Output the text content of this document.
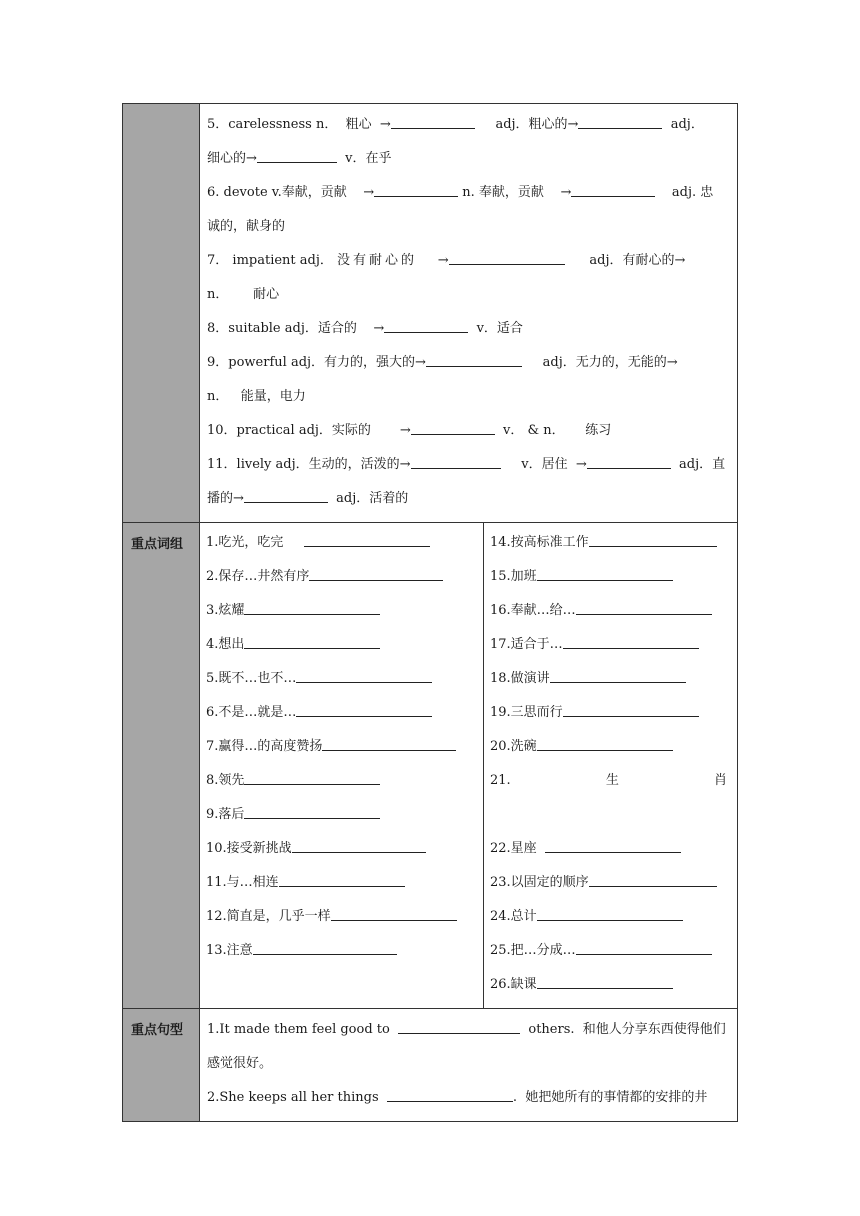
5．carelessness n． 粗心  →	adj．粗心的→	adj．
细心的→	v．在乎
6. devote v.奉献，贡献    →	n. 奉献，贡献    →	adj. 忠
诚的，献身的
7． impatient adj． 没有耐心的     →	adj．有耐心的→
n． 耐心
8．suitable adj．适合的    →	v．适合
9．powerful adj．有力的，强大的→	adj．无力的，无能的→
n． 能量，电力
10．practical adj．实际的       →	v． & n． 练习
11．lively adj．生动的，活泼的→	v．居住  →	adj．直
播的→	adj．活着的
重点词组	1.吃光，吃完
2.保存…井然有序
3.炫耀
4.想出
5.既不…也不…
6.不是…就是…
7.赢得…的高度赞扬
8.领先
9.落后
10.接受新挑战
11.与…相连
12.简直是，几乎一样
13.注意
14.按高标准工作
15.加班
16.奉献…给…
17.适合于…
18.做演讲
19.三思而行
20.洗碗
21.	生	肖
22.星座
23.以固定的顺序
24.总计
25.把…分成…
26.缺课
重点句型	1.It made them feel good to	others. 和他人分享东西使得他们
感觉很好。
2.She keeps all her things	. 她把她所有的事情都的安排的井
